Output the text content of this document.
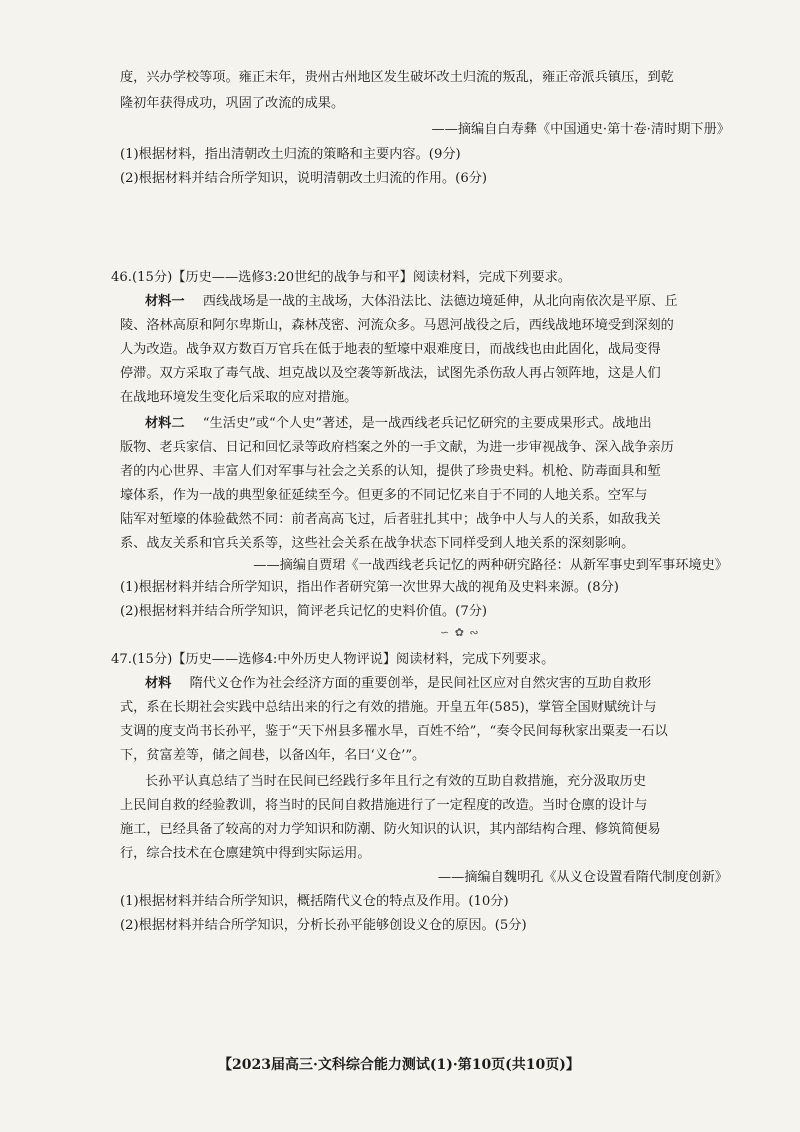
度，兴办学校等项。雍正末年，贵州古州地区发生破坏改土归流的叛乱，雍正帝派兵镇压，到乾

隆初年获得成功，巩固了改流的成果。

——摘编自白寿彝《中国通史·第十卷·清时期下册》

(1)根据材料，指出清朝改土归流的策略和主要内容。(9分)

(2)根据材料并结合所学知识，说明清朝改土归流的作用。(6分)

46.(15分)【历史——选修3:20世纪的战争与和平】阅读材料，完成下列要求。

材料一 西线战场是一战的主战场，大体沿法比、法德边境延伸，从北向南依次是平原、丘

陵、洛林高原和阿尔卑斯山，森林茂密、河流众多。马恩河战役之后，西线战地环境受到深刻的

人为改造。战争双方数百万官兵在低于地表的堑壕中艰难度日，而战线也由此固化，战局变得

停滞。双方采取了毒气战、坦克战以及空袭等新战法，试图先杀伤敌人再占领阵地，这是人们

在战地环境发生变化后采取的应对措施。

材料二 “生活史”或“个人史”著述，是一战西线老兵记忆研究的主要成果形式。战地出

版物、老兵家信、日记和回忆录等政府档案之外的一手文献，为进一步审视战争、深入战争亲历

者的内心世界、丰富人们对军事与社会之关系的认知，提供了珍贵史料。机枪、防毒面具和堑

壕体系，作为一战的典型象征延续至今。但更多的不同记忆来自于不同的人地关系。空军与

陆军对堑壕的体验截然不同：前者高高飞过，后者驻扎其中；战争中人与人的关系，如敌我关

系、战友关系和官兵关系等，这些社会关系在战争状态下同样受到人地关系的深刻影响。

——摘编自贾珺《一战西线老兵记忆的两种研究路径：从新军事史到军事环境史》

(1)根据材料并结合所学知识，指出作者研究第一次世界大战的视角及史料来源。(8分)

(2)根据材料并结合所学知识，简评老兵记忆的史料价值。(7分)

∽ ✿ ∾

47.(15分)【历史——选修4:中外历史人物评说】阅读材料，完成下列要求。

材料 隋代义仓作为社会经济方面的重要创举，是民间社区应对自然灾害的互助自救形

式，系在长期社会实践中总结出来的行之有效的措施。开皇五年(585)，掌管全国财赋统计与

支调的度支尚书长孙平，鉴于“天下州县多罹水旱，百姓不给”，“奏令民间每秋家出粟麦一石以

下，贫富差等，储之闾巷，以备凶年，名曰‘义仓’”。

长孙平认真总结了当时在民间已经践行多年且行之有效的互助自救措施，充分汲取历史

上民间自救的经验教训，将当时的民间自救措施进行了一定程度的改造。当时仓廪的设计与

施工，已经具备了较高的对力学知识和防潮、防火知识的认识，其内部结构合理、修筑简便易

行，综合技术在仓廪建筑中得到实际运用。

——摘编自魏明孔《从义仓设置看隋代制度创新》

(1)根据材料并结合所学知识，概括隋代义仓的特点及作用。(10分)

(2)根据材料并结合所学知识，分析长孙平能够创设义仓的原因。(5分)

【2023届高三·文科综合能力测试(1)·第10页(共10页)】
